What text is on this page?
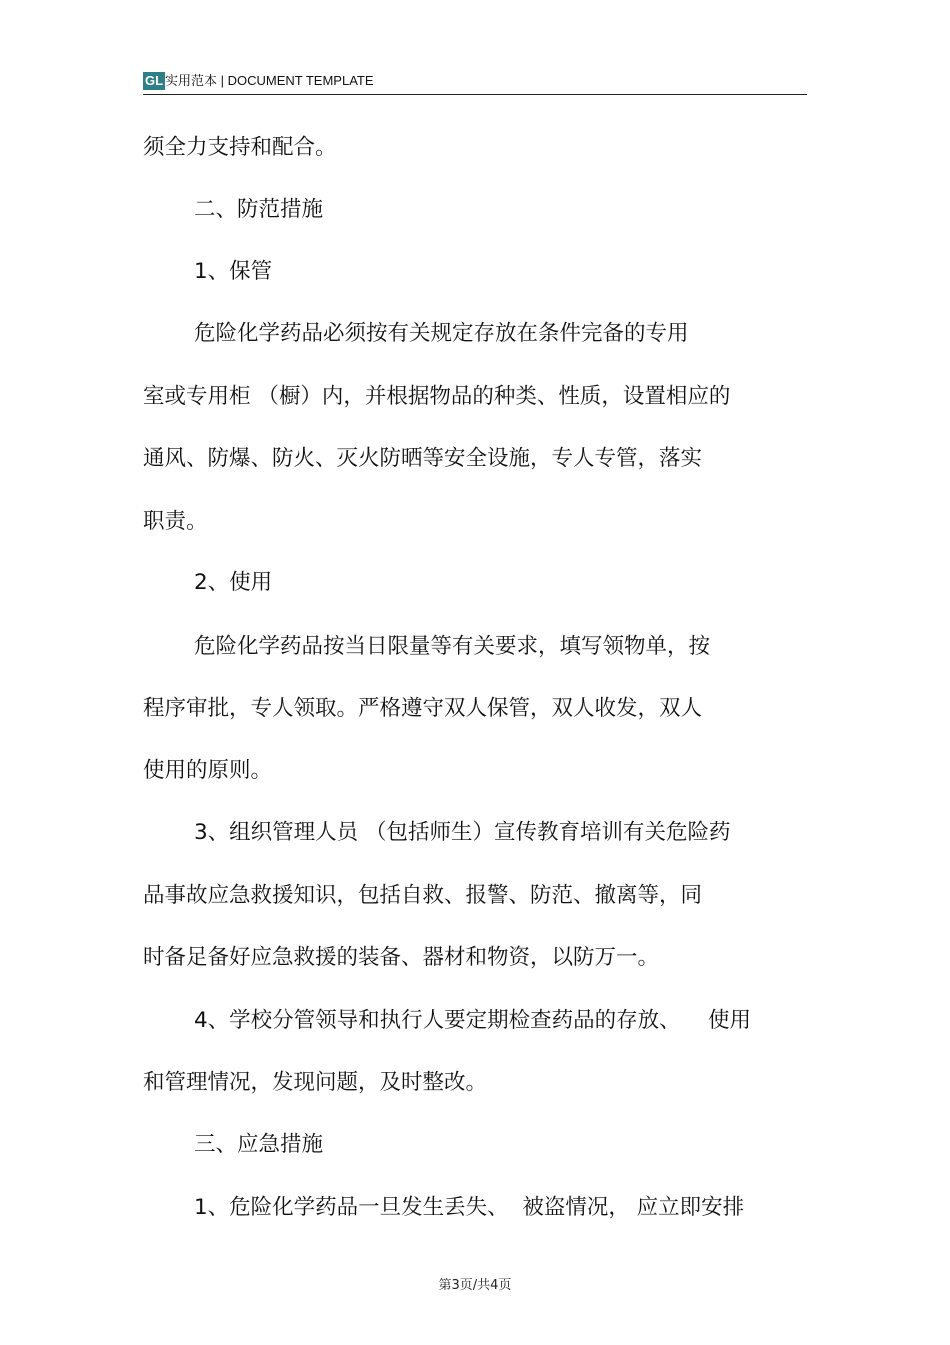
GL 实用范本 | DOCUMENT TEMPLATE
须全力支持和配合。
二、防范措施
1、保管
危险化学药品必须按有关规定存放在条件完备的专用
室或专用柜 （橱）内，并根据物品的种类、性质，设置相应的
通风、防爆、防火、灭火防晒等安全设施，专人专管，落实
职责。
2、使用
危险化学药品按当日限量等有关要求，填写领物单，按
程序审批，专人领取。严格遵守双人保管，双人收发，双人
使用的原则。
3、组织管理人员 （包括师生）宣传教育培训有关危险药
品事故应急救援知识，包括自救、报警、防范、撤离等，同
时备足备好应急救援的装备、器材和物资，以防万一。
4、学校分管领导和执行人要定期检查药品的存放、    使用
和管理情况，发现问题，及时整改。
三、应急措施
1、危险化学药品一旦发生丢失、  被盗情况， 应立即安排
第3页/共4页
